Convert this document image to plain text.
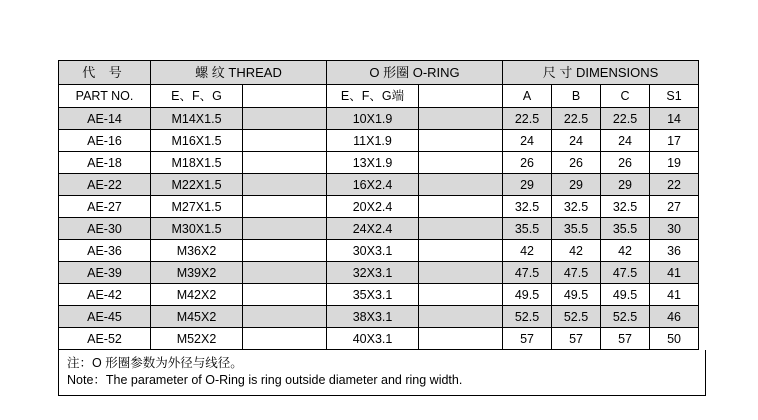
代 号	螺 纹 THREAD		O 形圈 O-RING		尺 寸 DIMENSIONS			
PART NO.	E、F、G		E、F、G端		A	B	C	S1
AE-14	M14X1.5		10X1.9		22.5	22.5	22.5	14
AE-16	M16X1.5		11X1.9		24	24	24	17
AE-18	M18X1.5		13X1.9		26	26	26	19
AE-22	M22X1.5		16X2.4		29	29	29	22
AE-27	M27X1.5		20X2.4		32.5	32.5	32.5	27
AE-30	M30X1.5		24X2.4		35.5	35.5	35.5	30
AE-36	M36X2		30X3.1		42	42	42	36
AE-39	M39X2		32X3.1		47.5	47.5	47.5	41
AE-42	M42X2		35X3.1		49.5	49.5	49.5	41
AE-45	M45X2		38X3.1		52.5	52.5	52.5	46
AE-52	M52X2		40X3.1		57	57	57	50
注：O 形圈参数为外径与线径。
Note：The parameter of O-Ring is ring outside diameter and ring width.
